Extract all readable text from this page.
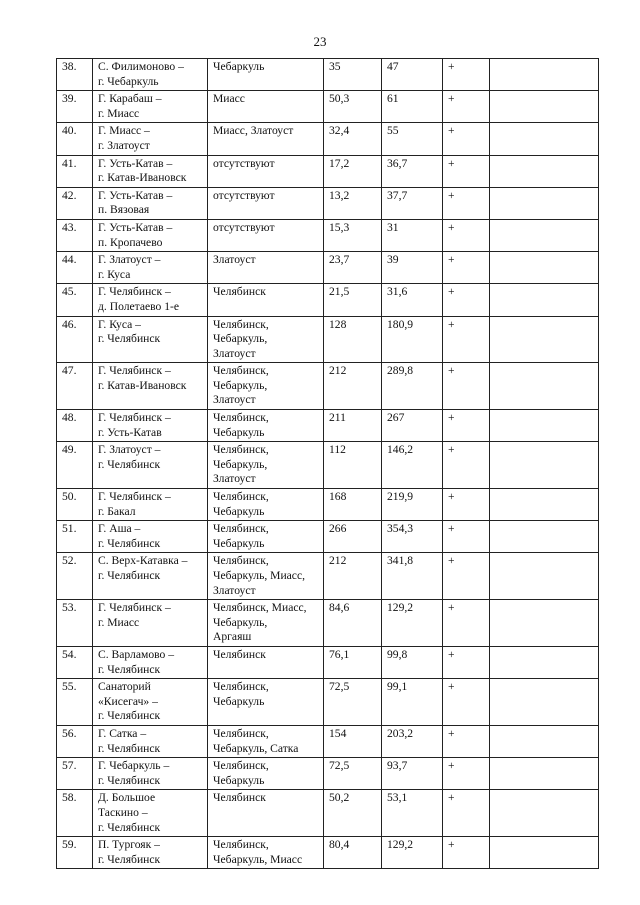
23
38.	С. Филимоново –
г. Чебаркуль	Чебаркуль	35	47	+	
39.	Г. Карабаш –
г. Миасс	Миасс	50,3	61	+	
40.	Г. Миасс –
г. Златоуст	Миасс, Златоуст	32,4	55	+	
41.	Г. Усть-Катав –
г. Катав-Ивановск	отсутствуют	17,2	36,7	+	
42.	Г. Усть-Катав –
п. Вязовая	отсутствуют	13,2	37,7	+	
43.	Г. Усть-Катав –
п. Кропачево	отсутствуют	15,3	31	+	
44.	Г. Златоуст –
г. Куса	Златоуст	23,7	39	+	
45.	Г. Челябинск –
д. Полетаево 1-е	Челябинск	21,5	31,6	+	
46.	Г. Куса –
г. Челябинск	Челябинск,
Чебаркуль,
Златоуст	128	180,9	+	
47.	Г. Челябинск –
г. Катав-Ивановск	Челябинск,
Чебаркуль,
Златоуст	212	289,8	+	
48.	Г. Челябинск –
г. Усть-Катав	Челябинск,
Чебаркуль	211	267	+	
49.	Г. Златоуст –
г. Челябинск	Челябинск,
Чебаркуль,
Златоуст	112	146,2	+	
50.	Г. Челябинск –
г. Бакал	Челябинск,
Чебаркуль	168	219,9	+	
51.	Г. Аша –
г. Челябинск	Челябинск,
Чебаркуль	266	354,3	+	
52.	С. Верх-Катавка –
г. Челябинск	Челябинск,
Чебаркуль, Миасс,
Златоуст	212	341,8	+	
53.	Г. Челябинск –
г. Миасс	Челябинск, Миасс,
Чебаркуль,
Аргаяш	84,6	129,2	+	
54.	С. Варламово –
г. Челябинск	Челябинск	76,1	99,8	+	
55.	Санаторий
«Кисегач» –
г. Челябинск	Челябинск,
Чебаркуль	72,5	99,1	+	
56.	Г. Сатка –
г. Челябинск	Челябинск,
Чебаркуль, Сатка	154	203,2	+	
57.	Г. Чебаркуль –
г. Челябинск	Челябинск,
Чебаркуль	72,5	93,7	+	
58.	Д. Большое
Таскино –
г. Челябинск	Челябинск	50,2	53,1	+	
59.	П. Тургояк –
г. Челябинск	Челябинск,
Чебаркуль, Миасс	80,4	129,2	+	
